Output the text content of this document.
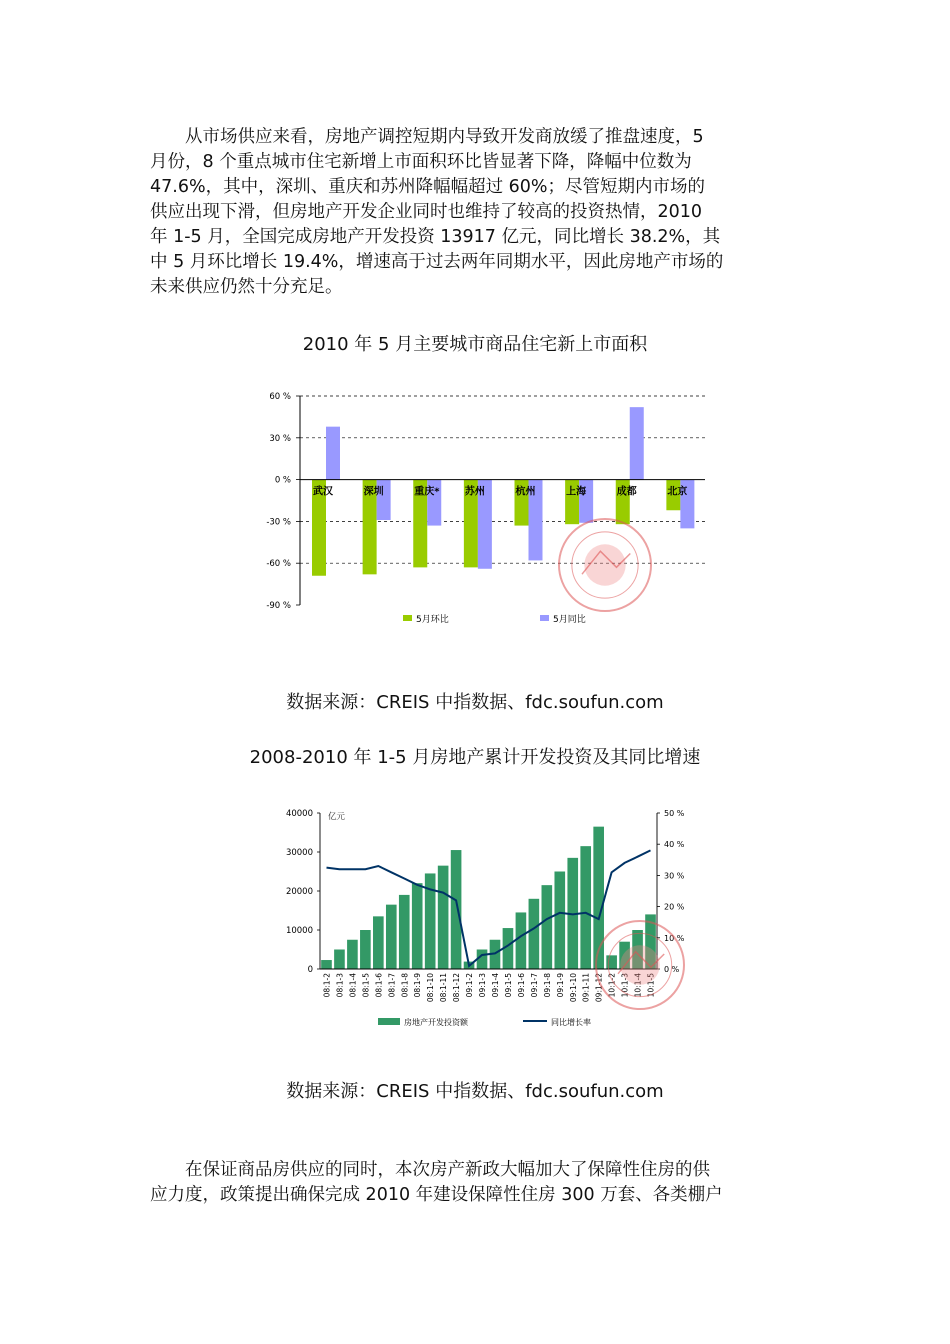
　　从市场供应来看，房地产调控短期内导致开发商放缓了推盘速度，5

月份，8 个重点城市住宅新增上市面积环比皆显著下降，降幅中位数为

47.6%，其中，深圳、重庆和苏州降幅幅超过 60%；尽管短期内市场的

供应出现下滑，但房地产开发企业同时也维持了较高的投资热情，2010

年 1-5 月，全国完成房地产开发投资 13917 亿元，同比增长 38.2%，其

中 5 月环比增长 19.4%，增速高于过去两年同期水平，因此房地产市场的

未来供应仍然十分充足。

2010 年 5 月主要城市商品住宅新上市面积
60 %
30 %
0 %
-30 %
-60 %
-90 %
武汉	深圳	重庆*	苏州	杭州	上海	成都	北京
5月环比	5月同比
数据来源：CREIS 中指数据、fdc.soufun.com
2008-2010 年 1-5 月房地产累计开发投资及其同比增速
40000
30000
20000
10000
0
50 %
40 %
30 %
20 %
10 %
0 %
亿元
08:1-2 08:1-3 08:1-4 08:1-5 08:1-6 08:1-7 08:1-8 08:1-9 08:1-10 08:1-11 08:1-12 09:1-2 09:1-3 09:1-4 09:1-5 09:1-6 09:1-7 09:1-8 09:1-9 09:1-10 09:1-11 09:1-12 10:1-2 10:1-3 10:1-4 10:1-5
房地产开发投资额	同比增长率
数据来源：CREIS 中指数据、fdc.soufun.com

　　在保证商品房供应的同时，本次房产新政大幅加大了保障性住房的供

应力度，政策提出确保完成 2010 年建设保障性住房 300 万套、各类棚户
